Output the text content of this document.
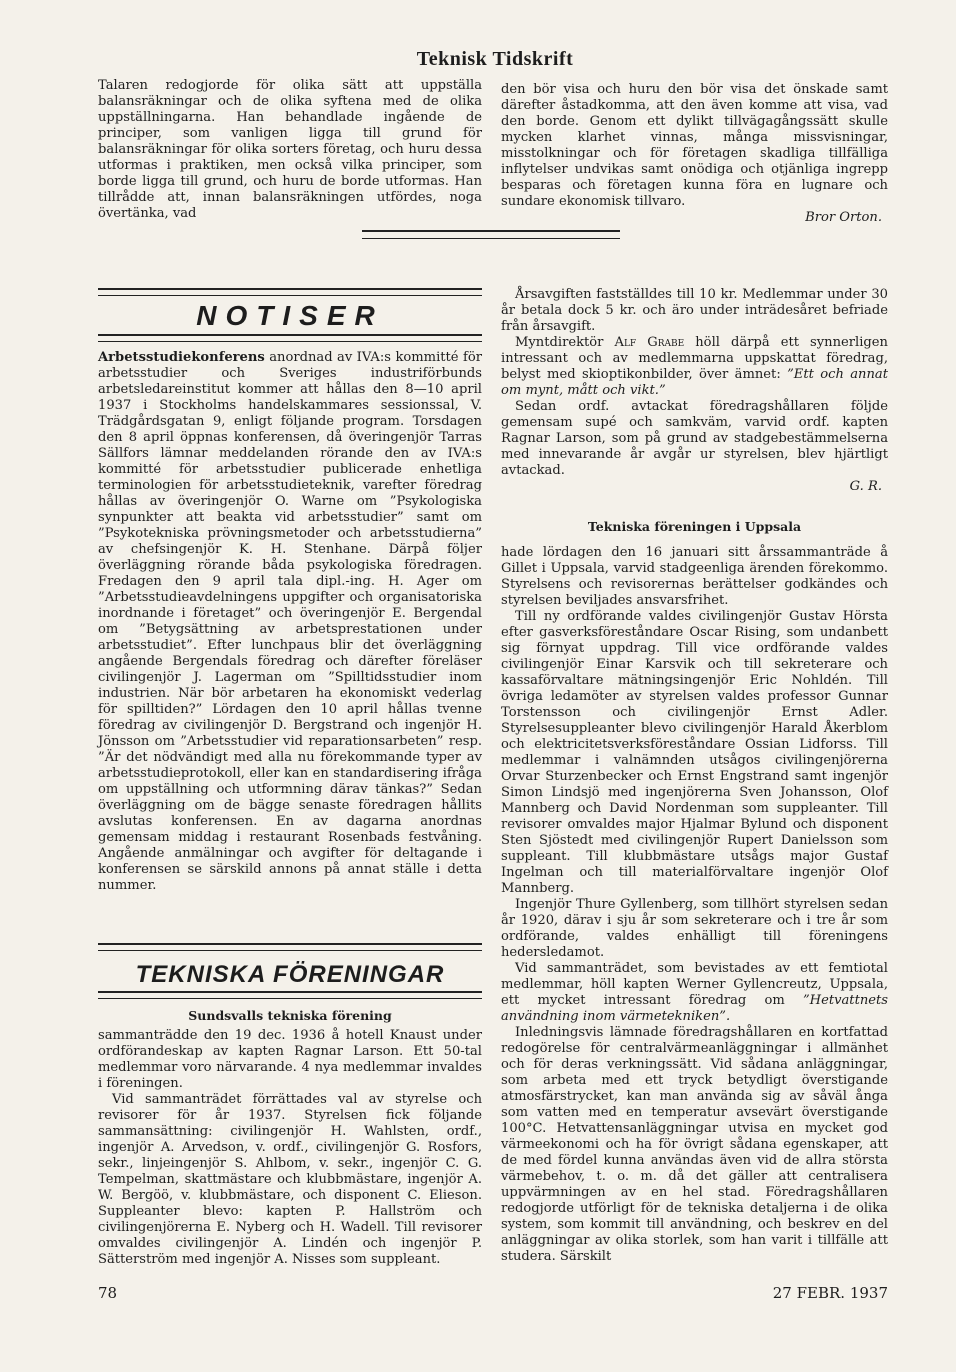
Teknisk Tidskrift

Talaren redogjorde för olika sätt att uppställa balansräkningar och de olika syftena med de olika uppställningarna. Han behandlade ingående de principer, som vanligen ligga till grund för balansräkningar för olika sorters företag, och huru dessa utformas i praktiken, men också vilka principer, som borde ligga till grund, och huru de borde utformas. Han tillrådde att, innan balansräkningen utfördes, noga övertänka, vad

den bör visa och huru den bör visa det önskade samt därefter åstadkomma, att den även komme att visa, vad den borde. Genom ett dylikt tillvägagångssätt skulle mycken klarhet vinnas, många missvisningar, misstolkningar och för företagen skadliga tillfälliga inflytelser undvikas samt onödiga och otjänliga ingrepp besparas och företagen kunna föra en lugnare och sundare ekonomisk tillvaro.

Bror Orton.
NOTISER

Arbetsstudiekonferens anordnad av IVA:s kommitté för arbetsstudier och Sveriges industriförbunds arbetsledareinstitut kommer att hållas den 8—10 april 1937 i Stockholms handelskammares sessionssal, V. Trädgårdsgatan 9, enligt följande program. Torsdagen den 8 april öppnas konferensen, då överingenjör Tarras Sällfors lämnar meddelanden rörande den av IVA:s kommitté för arbetsstudier publicerade enhetliga terminologien för arbetsstudieteknik, varefter föredrag hållas av överingenjör O. Warne om ”Psykologiska synpunkter att beakta vid arbetsstudier” samt om ”Psykotekniska prövningsmetoder och arbetsstudierna” av chefsingenjör K. H. Stenhane. Därpå följer överläggning rörande båda psykologiska föredragen. Fredagen den 9 april tala dipl.-ing. H. Ager om ”Arbetsstudieavdelningens uppgifter och organisatoriska inordnande i företaget” och överingenjör E. Bergendal om ”Betygsättning av arbetsprestationen under arbetsstudiet”. Efter lunchpaus blir det överläggning angående Bergendals föredrag och därefter föreläser civilingenjör J. Lagerman om ”Spilltidsstudier inom industrien. När bör arbetaren ha ekonomiskt vederlag för spilltiden?” Lördagen den 10 april hållas tvenne föredrag av civilingenjör D. Bergstrand och ingenjör H. Jönsson om ”Arbetsstudier vid reparationsarbeten” resp. ”Är det nödvändigt med alla nu förekommande typer av arbetsstudieprotokoll, eller kan en standardisering ifråga om uppställning och utformning därav tänkas?” Sedan överläggning om de bägge senaste föredragen hållits avslutas konferensen. En av dagarna anordnas gemensam middag i restaurant Rosenbads festvåning. Angående anmälningar och avgifter för deltagande i konferensen se särskild annons på annat ställe i detta nummer.

TEKNISKA FÖRENINGAR
Sundsvalls tekniska förening

sammanträdde den 19 dec. 1936 å hotell Knaust under ordförandeskap av kapten Ragnar Larson. Ett 50-tal medlemmar voro närvarande. 4 nya medlemmar invaldes i föreningen.

Vid sammanträdet förrättades val av styrelse och revisorer för år 1937. Styrelsen fick följande sammansättning: civilingenjör H. Wahlsten, ordf., ingenjör A. Arvedson, v. ordf., civilingenjör G. Rosfors, sekr., linjeingenjör S. Ahlbom, v. sekr., ingenjör C. G. Tempelman, skattmästare och klubbmästare, ingenjör A. W. Bergöö, v. klubbmästare, och disponent C. Elieson. Suppleanter blevo: kapten P. Hallström och civilingenjörerna E. Nyberg och H. Wadell. Till revisorer omvaldes civilingenjör A. Lindén och ingenjör P. Sätterström med ingenjör A. Nisses som suppleant.

Årsavgiften fastställdes till 10 kr. Medlemmar under 30 år betala dock 5 kr. och äro under inträdesåret befriade från årsavgift.

Myntdirektör Alf Grabe höll därpå ett synnerligen intressant och av medlemmarna uppskattat föredrag, belyst med skioptikonbilder, över ämnet: ”Ett och annat om mynt, mått och vikt.”

Sedan ordf. avtackat föredragshållaren följde gemensam supé och samkväm, varvid ordf. kapten Ragnar Larson, som på grund av stadgebestämmelserna med innevarande år avgår ur styrelsen, blev hjärtligt avtackad.

G. R.
Tekniska föreningen i Uppsala

hade lördagen den 16 januari sitt årssammanträde å Gillet i Uppsala, varvid stadgeenliga ärenden förekommo. Styrelsens och revisorernas berättelser godkändes och styrelsen beviljades ansvarsfrihet.

Till ny ordförande valdes civilingenjör Gustav Hörsta efter gasverksföreståndare Oscar Rising, som undanbett sig förnyat uppdrag. Till vice ordförande valdes civilingenjör Einar Karsvik och till sekreterare och kassaförvaltare mätningsingenjör Eric Nohldén. Till övriga ledamöter av styrelsen valdes professor Gunnar Torstensson och civilingenjör Ernst Adler. Styrelsesuppleanter blevo civilingenjör Harald Åkerblom och elektricitetsverksföreståndare Ossian Lidforss. Till medlemmar i valnämnden utsågos civilingenjörerna Orvar Sturzenbecker och Ernst Engstrand samt ingenjör Simon Lindsjö med ingenjörerna Sven Johansson, Olof Mannberg och David Nordenman som suppleanter. Till revisorer omvaldes major Hjalmar Bylund och disponent Sten Sjöstedt med civilingenjör Rupert Danielsson som suppleant. Till klubbmästare utsågs major Gustaf Ingelman och till materialförvaltare ingenjör Olof Mannberg.

Ingenjör Thure Gyllenberg, som tillhört styrelsen sedan år 1920, därav i sju år som sekreterare och i tre år som ordförande, valdes enhälligt till föreningens hedersledamot.

Vid sammanträdet, som bevistades av ett femtiotal medlemmar, höll kapten Werner Gyllencreutz, Uppsala, ett mycket intressant föredrag om ”Hetvattnets användning inom värmetekniken”.

Inledningsvis lämnade föredragshållaren en kortfattad redogörelse för centralvärmeanläggningar i allmänhet och för deras verkningssätt. Vid sådana anläggningar, som arbeta med ett tryck betydligt överstigande atmosfärstrycket, kan man använda sig av såväl ånga som vatten med en temperatur avsevärt överstigande 100°C. Hetvattensanläggningar utvisa en mycket god värmeekonomi och ha för övrigt sådana egenskaper, att de med fördel kunna användas även vid de allra största värmebehov, t. o. m. då det gäller att centralisera uppvärmningen av en hel stad. Föredragshållaren redogjorde utförligt för de tekniska detaljerna i de olika system, som kommit till användning, och beskrev en del anläggningar av olika storlek, som han varit i tillfälle att studera. Särskilt

78	27 FEBR. 1937
